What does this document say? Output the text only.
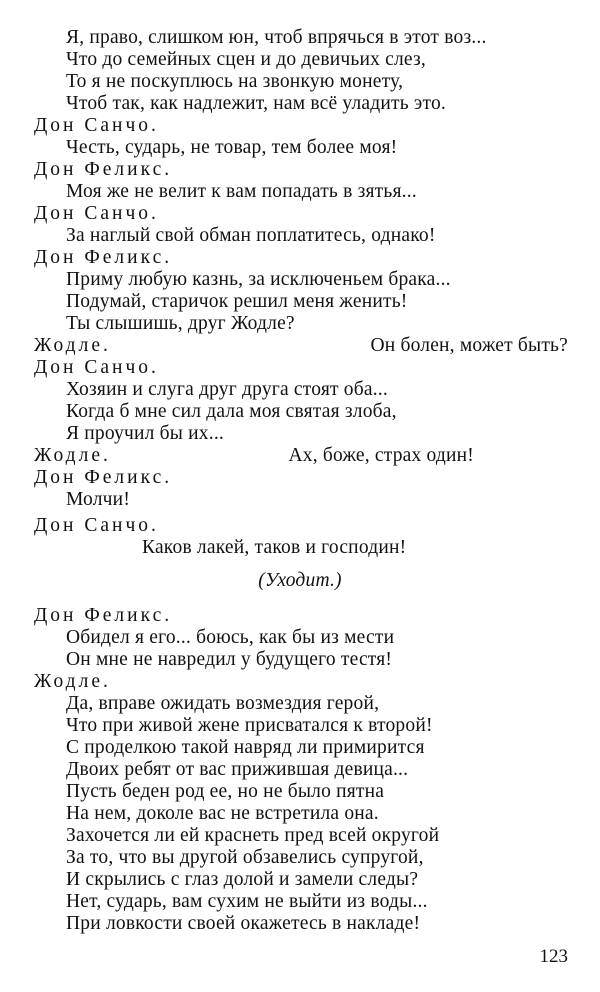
Я, право, слишком юн, чтоб впрячься в этот воз...
Что до семейных сцен и до девичьих слез,
То я не поскуплюсь на звонкую монету,
Чтоб так, как надлежит, нам всё уладить это.
Дон Санчо.
Честь, сударь, не товар, тем более моя!
Дон Феликс.
Моя же не велит к вам попадать в зятья...
Дон Санчо.
За наглый свой обман поплатитесь, однако!
Дон Феликс.
Приму любую казнь, за исключеньем брака...
Подумай, старичок решил меня женить!
Ты слышишь, друг Жодле?
Жодле.	Он болен, может быть?
Дон Санчо.
Хозяин и слуга друг друга стоят оба...
Когда б мне сил дала моя святая злоба,
Я проучил бы их...
Жодле.	Ах, боже, страх один!
Дон Феликс.
Молчи!
Дон Санчо.
Каков лакей, таков и господин!
(Уходит.)
Дон Феликс.
Обидел я его... боюсь, как бы из мести
Он мне не навредил у будущего тестя!
Жодле.
Да, вправе ожидать возмездия герой,
Что при живой жене присватался к второй!
С проделкою такой навряд ли примирится
Двоих ребят от вас прижившая девица...
Пусть беден род ее, но не было пятна
На нем, доколе вас не встретила она.
Захочется ли ей краснеть пред всей округой
За то, что вы другой обзавелись супругой,
И скрылись с глаз долой и замели следы?
Нет, сударь, вам сухим не выйти из воды...
При ловкости своей окажетесь в накладе!
123
